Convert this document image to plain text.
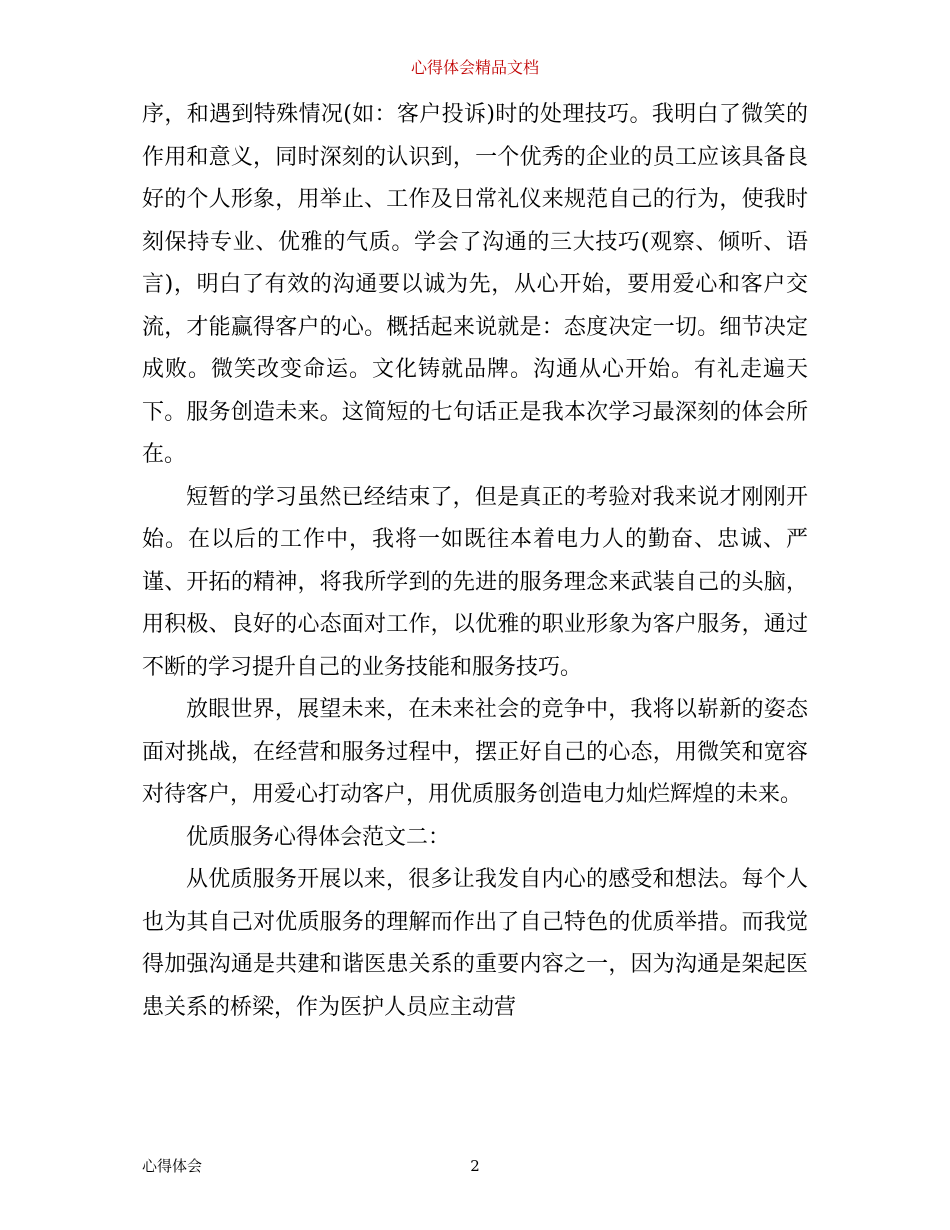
心得体会精品文档

序，和遇到特殊情况(如：客户投诉)时的处理技巧。我明白了微笑的作用和意义，同时深刻的认识到，一个优秀的企业的员工应该具备良好的个人形象，用举止、工作及日常礼仪来规范自己的行为，使我时刻保持专业、优雅的气质。学会了沟通的三大技巧(观察、倾听、语言)，明白了有效的沟通要以诚为先，从心开始，要用爱心和客户交流，才能赢得客户的心。概括起来说就是：态度决定一切。细节决定成败。微笑改变命运。文化铸就品牌。沟通从心开始。有礼走遍天下。服务创造未来。这简短的七句话正是我本次学习最深刻的体会所在。

短暂的学习虽然已经结束了，但是真正的考验对我来说才刚刚开始。在以后的工作中，我将一如既往本着电力人的勤奋、忠诚、严谨、开拓的精神，将我所学到的先进的服务理念来武装自己的头脑，用积极、良好的心态面对工作，以优雅的职业形象为客户服务，通过不断的学习提升自己的业务技能和服务技巧。

放眼世界，展望未来，在未来社会的竞争中，我将以崭新的姿态面对挑战，在经营和服务过程中，摆正好自己的心态，用微笑和宽容对待客户，用爱心打动客户，用优质服务创造电力灿烂辉煌的未来。

优质服务心得体会范文二：

从优质服务开展以来，很多让我发自内心的感受和想法。每个人也为其自己对优质服务的理解而作出了自己特色的优质举措。而我觉得加强沟通是共建和谐医患关系的重要内容之一，因为沟通是架起医患关系的桥梁，作为医护人员应主动营

心得体会	2
